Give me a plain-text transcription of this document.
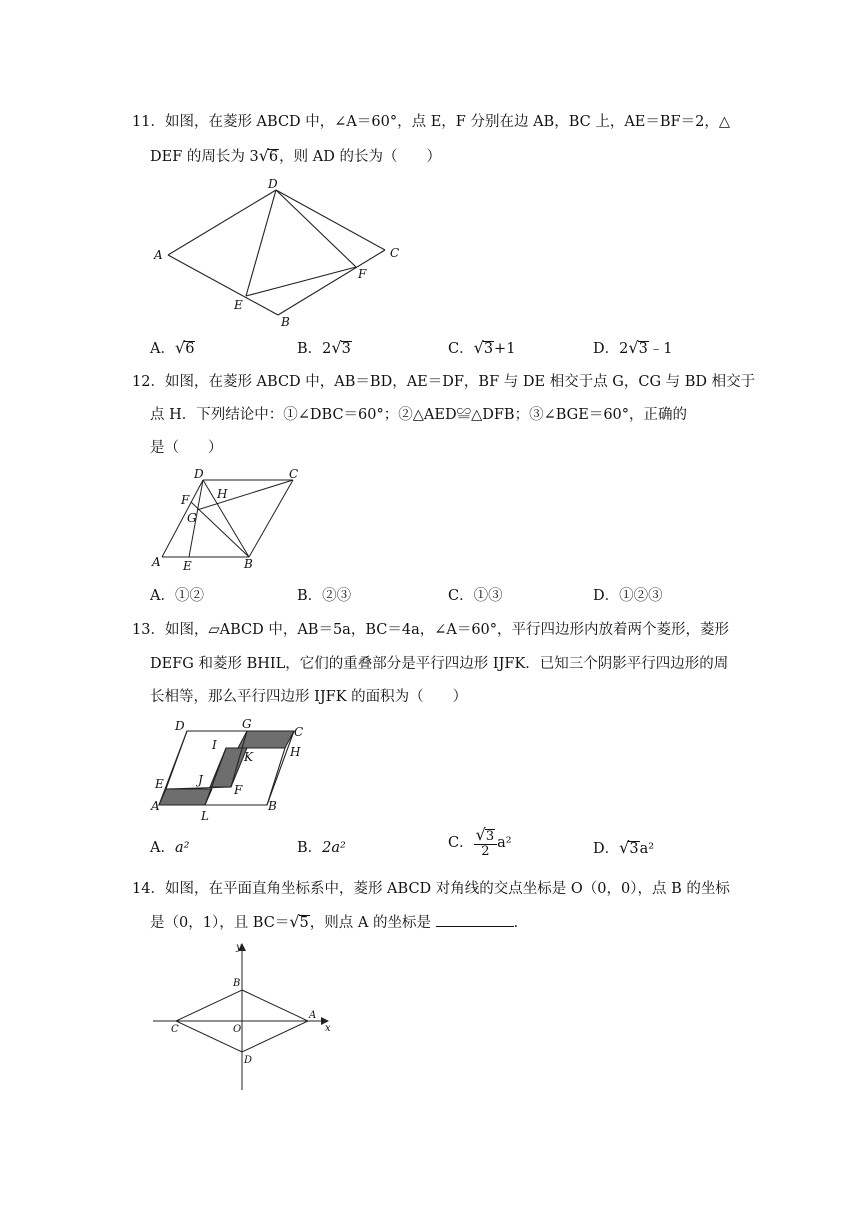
11．如图，在菱形 ABCD 中，∠A＝60°，点 E，F 分别在边 AB，BC 上，AE＝BF＝2，△
DEF 的周长为 3√6，则 AD 的长为（　　）
A
D
C
F
E
B
A．√6	B．2√3	C．√3+1	D．2√3﹣1
12．如图，在菱形 ABCD 中，AB＝BD，AE＝DF，BF 与 DE 相交于点 G，CG 与 BD 相交于
点 H．下列结论中：①∠DBC＝60°；②△AED≌△DFB；③∠BGE＝60°，正确的
是（　　）
D	C
H
F
G
A E	B
A．①②	B．②③	C．①③	D．①②③
13．如图，▱ABCD 中，AB＝5a，BC＝4a，∠A＝60°，平行四边形内放着两个菱形，菱形
DEFG 和菱形 BHIL，它们的重叠部分是平行四边形 IJFK．已知三个阴影平行四边形的周
长相等，那么平行四边形 IJFK 的面积为（　　）
D	G
C
H
I
K
J
F
E
A	B
L
A．a²	B．2a²	C． $\frac{√3}{2} a^2$	D．√3a²
14．如图，在平面直角坐标系中，菱形 ABCD 对角线的交点坐标是 O（0，0），点 B 的坐标
是（0，1），且 BC＝√5，则点 A 的坐标是	．
y
x
B
A
C	O
D
